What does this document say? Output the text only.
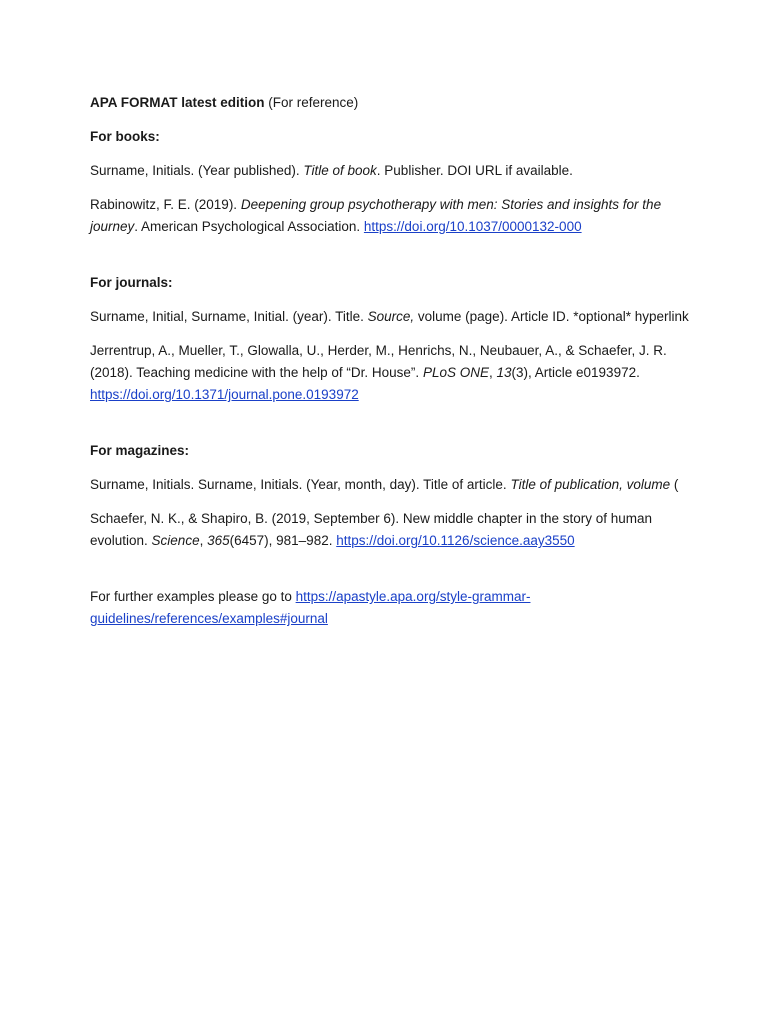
APA FORMAT latest edition (For reference)

For books:

Surname, Initials. (Year published). Title of book. Publisher. DOI URL if available.

Rabinowitz, F. E. (2019). Deepening group psychotherapy with men: Stories and insights for the journey. American Psychological Association. https://doi.org/10.1037/0000132-000

For journals:

Surname, Initial, Surname, Initial. (year). Title. Source, volume (page). Article ID. *optional* hyperlink

Jerrentrup, A., Mueller, T., Glowalla, U., Herder, M., Henrichs, N., Neubauer, A., & Schaefer, J. R. (2018). Teaching medicine with the help of “Dr. House”. PLoS ONE, 13(3), Article e0193972. https://doi.org/10.1371/journal.pone.0193972

For magazines:

Surname, Initials. Surname, Initials. (Year, month, day). Title of article. Title of publication, volume (

Schaefer, N. K., & Shapiro, B. (2019, September 6). New middle chapter in the story of human evolution. Science, 365(6457), 981–982. https://doi.org/10.1126/science.aay3550

For further examples please go to https://apastyle.apa.org/style-grammar-guidelines/references/examples#journal
